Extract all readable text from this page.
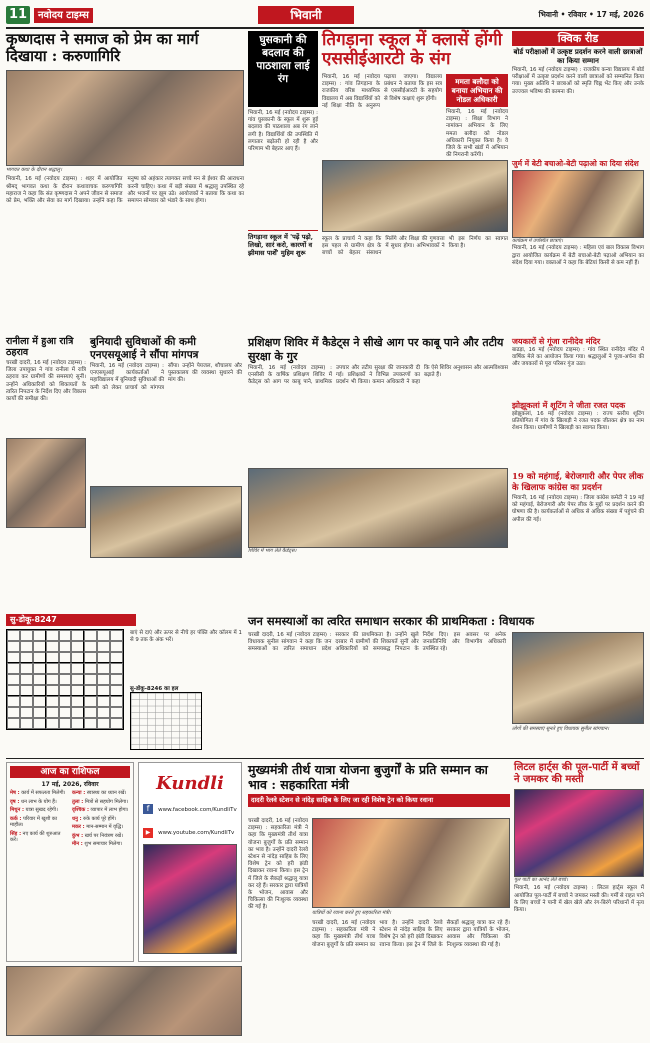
11	नवोदय टाइम्स	भिवानी	भिवानी • रविवार • 17 मई, 2026
कृष्णदास ने समाज को प्रेम का मार्ग दिखाया : करुणागिरि
भागवत कथा के दौरान श्रद्धालु।
भिवानी, 16 मई (नवोदय टाइम्स) : शहर में आयोजित श्रीमद् भागवत कथा के दौरान कथावाचक करुणागिरि महाराज ने कहा कि संत कृष्णदास ने अपने जीवन से समाज को प्रेम, भक्ति और सेवा का मार्ग दिखाया। उन्होंने कहा कि मनुष्य को अहंकार त्यागकर सच्चे मन से ईश्वर की आराधना करनी चाहिए। कथा में बड़ी संख्या में श्रद्धालु उपस्थित रहे और भजनों पर झूम उठे। आयोजकों ने बताया कि कथा का समापन सोमवार को भंडारे के साथ होगा।
घुसकानी की बदलाव की पाठशाला लाई रंग
भिवानी, 16 मई (नवोदय टाइम्स) : गांव घुसकानी के स्कूल में शुरू हुई बदलाव की पाठशाला अब रंग लाने लगी है। विद्यार्थियों की उपस्थिति में लगातार बढ़ोतरी हो रही है और परिणाम भी बेहतर आए हैं।
तिगड़ाना स्कूल में क्लासें होंगी एससीईआरटी के संग
भिवानी, 16 मई (नवोदय टाइम्स) : गांव तिगड़ाना के राजकीय वरिष्ठ माध्यमिक विद्यालय में अब विद्यार्थियों को नई शिक्षा नीति के अनुरूप पढ़ाया जाएगा। विद्यालय प्रबंधन ने बताया कि इस सत्र से एससीईआरटी के सहयोग से विशेष कक्षाएं शुरू होंगी।
स्कूल के प्राचार्य ने कहा कि इस पहल से ग्रामीण क्षेत्र के बच्चों को बेहतर संसाधन मिलेंगे और शिक्षा की गुणवत्ता में सुधार होगा। अभिभावकों ने भी इस निर्णय का स्वागत किया है।
तिगड़ाना स्कूल में 'पढ़ें पढ़ो, लिखो, सारं करो, कारणों व झीमास पार्शें' मुहिम शुरू
ममता बलौदा को बनाया अभियान की नोडल अधिकारी
भिवानी, 16 मई (नवोदय टाइम्स) : शिक्षा विभाग ने नामांकन अभियान के लिए ममता बलौदा को नोडल अधिकारी नियुक्त किया है। वे जिले के सभी खंडों में अभियान की निगरानी करेंगी।
क्विक रीड
बोर्ड परीक्षाओं में उत्कृष्ट प्रदर्शन करने वाली छात्राओं का किया सम्मान
भिवानी, 16 मई (नवोदय टाइम्स) : राजकीय कन्या विद्यालय में बोर्ड परीक्षाओं में उत्कृष्ट प्रदर्शन करने वाली छात्राओं को सम्मानित किया गया। मुख्य अतिथि ने छात्राओं को स्मृति चिह्न भेंट किए और उनके उज्ज्वल भविष्य की कामना की।
जुर्म में बेटी बचाओ-बेटी पढ़ाओ का दिया संदेश
कार्यक्रम में उपस्थित छात्राएं।
भिवानी, 16 मई (नवोदय टाइम्स) : महिला एवं बाल विकास विभाग द्वारा आयोजित कार्यक्रम में बेटी बचाओ-बेटी पढ़ाओ अभियान का संदेश दिया गया। वक्ताओं ने कहा कि बेटियां किसी से कम नहीं हैं।
रानीला में हुआ रात्रि ठहराव
चरखी दादरी, 16 मई (नवोदय टाइम्स) : जिला उपायुक्त ने गांव रानीला में रात्रि ठहराव कर ग्रामीणों की समस्याएं सुनीं। उन्होंने अधिकारियों को शिकायतों के त्वरित निपटान के निर्देश दिए और विकास कार्यों की समीक्षा की।
बुनियादी सुविधाओं की कमी एनएसयूआई ने सौंपा मांगपत्र
भिवानी, 16 मई (नवोदय टाइम्स) : एनएसयूआई कार्यकर्ताओं ने महाविद्यालय में बुनियादी सुविधाओं की कमी को लेकर प्राचार्य को मांगपत्र सौंपा। उन्होंने पेयजल, शौचालय और पुस्तकालय की व्यवस्था सुधारने की मांग की।
प्रशिक्षण शिविर में कैडेट्स ने सीखे आग पर काबू पाने और तटीय सुरक्षा के गुर
भिवानी, 16 मई (नवोदय टाइम्स) : एनसीसी के वार्षिक प्रशिक्षण शिविर में कैडेट्स को आग पर काबू पाने, प्राथमिक उपचार और तटीय सुरक्षा की जानकारी दी गई। प्रशिक्षकों ने विभिन्न उपकरणों का प्रदर्शन भी किया। कमान अधिकारी ने कहा कि ऐसे शिविर अनुशासन और आत्मविश्वास बढ़ाते हैं।
शिविर में भाग लेते कैडेट्स।
जयकारों से गूंजा रानीदेव मंदिर
बाढड़ा, 16 मई (नवोदय टाइम्स) : गांव स्थित रानीदेव मंदिर में वार्षिक मेले का आयोजन किया गया। श्रद्धालुओं ने पूजा-अर्चना की और जयकारों से पूरा परिसर गूंज उठा।
झोझूकलां में शूटिंग ने जीता रजत पदक
झोझूकलां, 16 मई (नवोदय टाइम्स) : राज्य स्तरीय शूटिंग प्रतियोगिता में गांव के खिलाड़ी ने रजत पदक जीतकर क्षेत्र का नाम रोशन किया। ग्रामीणों ने खिलाड़ी का स्वागत किया।
19 को महंगाई, बेरोजगारी और पेपर लीक के खिलाफ कांग्रेस का प्रदर्शन
भिवानी, 16 मई (नवोदय टाइम्स) : जिला कांग्रेस कमेटी ने 19 मई को महंगाई, बेरोजगारी और पेपर लीक के मुद्दों पर प्रदर्शन करने की घोषणा की है। कार्यकर्ताओं से अधिक से अधिक संख्या में पहुंचने की अपील की गई।
सु-डोकू-8247
बाएं से दाएं और ऊपर से नीचे हर पंक्ति और कॉलम में 1 से 9 तक के अंक भरें।
सु-डोकू-8246 का हल
जन समस्याओं का त्वरित समाधान सरकार की प्राथमिकता : विधायक
चरखी दादरी, 16 मई (नवोदय टाइम्स) : विधायक सुनील सांगवान ने कहा कि जन समस्याओं का त्वरित समाधान प्रदेश सरकार की प्राथमिकता है। उन्होंने खुले दरबार में ग्रामीणों की शिकायतें सुनीं और अधिकारियों को समयबद्ध निपटान के निर्देश दिए। इस अवसर पर अनेक जनप्रतिनिधि और विभागीय अधिकारी उपस्थित रहे।
लोगों की समस्याएं सुनते हुए विधायक सुनील सांगवान।
आज का राशिफल
17 मई, 2026, रविवार
मेष : कार्य में सफलता मिलेगी।
वृष : धन लाभ के योग हैं।
मिथुन : यात्रा सुखद रहेगी।
कर्क : परिवार में खुशी का माहौल।
सिंह : नए कार्य की शुरुआत करें।
कन्या : स्वास्थ्य का ध्यान रखें।
तुला : मित्रों से सहयोग मिलेगा।
वृश्चिक : व्यापार में लाभ होगा।
धनु : रुके कार्य पूरे होंगे।
मकर : मान-सम्मान में वृद्धि।
कुंभ : खर्च पर नियंत्रण रखें।
मीन : शुभ समाचार मिलेगा।
Kundli
f www.facebook.com/KundliTv
▶ www.youtube.com/KundliTv
मुख्यमंत्री तीर्थ यात्रा योजना बुजुर्गों के प्रति सम्मान का भाव : सहकारिता मंत्री
दादरी रेलवे स्टेशन से नांदेड़ साहिब के लिए जा रही विशेष ट्रेन को किया रवाना
चरखी दादरी, 16 मई (नवोदय टाइम्स) : सहकारिता मंत्री ने कहा कि मुख्यमंत्री तीर्थ यात्रा योजना बुजुर्गों के प्रति सम्मान का भाव है। उन्होंने दादरी रेलवे स्टेशन से नांदेड़ साहिब के लिए विशेष ट्रेन को हरी झंडी दिखाकर रवाना किया। इस ट्रेन में जिले के सैकड़ों श्रद्धालु यात्रा कर रहे हैं। सरकार द्वारा यात्रियों के भोजन, आवास और चिकित्सा की निःशुल्क व्यवस्था की गई है।
यात्रियों को रवाना करते हुए सहकारिता मंत्री।
चरखी दादरी, 16 मई (नवोदय टाइम्स) : सहकारिता मंत्री ने कहा कि मुख्यमंत्री तीर्थ यात्रा योजना बुजुर्गों के प्रति सम्मान का भाव है। उन्होंने दादरी रेलवे स्टेशन से नांदेड़ साहिब के लिए विशेष ट्रेन को हरी झंडी दिखाकर रवाना किया। इस ट्रेन में जिले के सैकड़ों श्रद्धालु यात्रा कर रहे हैं। सरकार द्वारा यात्रियों के भोजन, आवास और चिकित्सा की निःशुल्क व्यवस्था की गई है।
लिटल हार्ट्स की पूल-पार्टी में बच्चों ने जमकर की मस्ती
पूल पार्टी का आनंद लेते बच्चे।
भिवानी, 16 मई (नवोदय टाइम्स) : लिटल हार्ट्स स्कूल में आयोजित पूल-पार्टी में बच्चों ने जमकर मस्ती की। गर्मी से राहत पाने के लिए बच्चों ने पानी में खेल खेले और रंग-बिरंगे परिधानों में नृत्य किया।
